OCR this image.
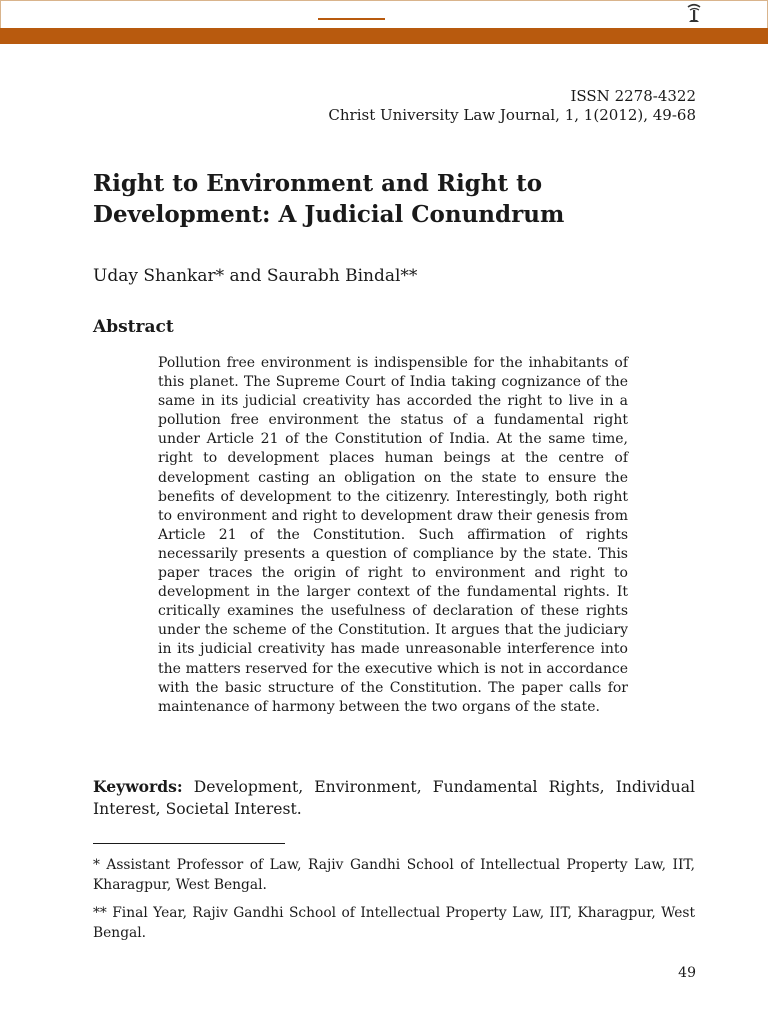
ISSN 2278-4322
Christ University Law Journal, 1, 1(2012), 49-68
Right to Environment and Right to Development: A Judicial Conundrum
Uday Shankar* and Saurabh Bindal**
Abstract

Pollution free environment is indispensible for the inhabitants of this planet. The Supreme Court of India taking cognizance of the same in its judicial creativity has accorded the right to live in a pollution free environment the status of a fundamental right under Article 21 of the Constitution of India. At the same time, right to development places human beings at the centre of development casting an obligation on the state to ensure the benefits of development to the citizenry. Interestingly, both right to environment and right to development draw their genesis from Article 21 of the Constitution. Such affirmation of rights necessarily presents a question of compliance by the state. This paper traces the origin of right to environment and right to development in the larger context of the fundamental rights. It critically examines the usefulness of declaration of these rights under the scheme of the Constitution. It argues that the judiciary in its judicial creativity has made unreasonable interference into the matters reserved for the executive which is not in accordance with the basic structure of the Constitution. The paper calls for maintenance of harmony between the two organs of the state.

Keywords: Development, Environment, Fundamental Rights, Individual Interest, Societal Interest.

* Assistant Professor of Law, Rajiv Gandhi School of Intellectual Property Law, IIT, Kharagpur, West Bengal.

** Final Year, Rajiv Gandhi School of Intellectual Property Law, IIT, Kharagpur, West Bengal.

49
